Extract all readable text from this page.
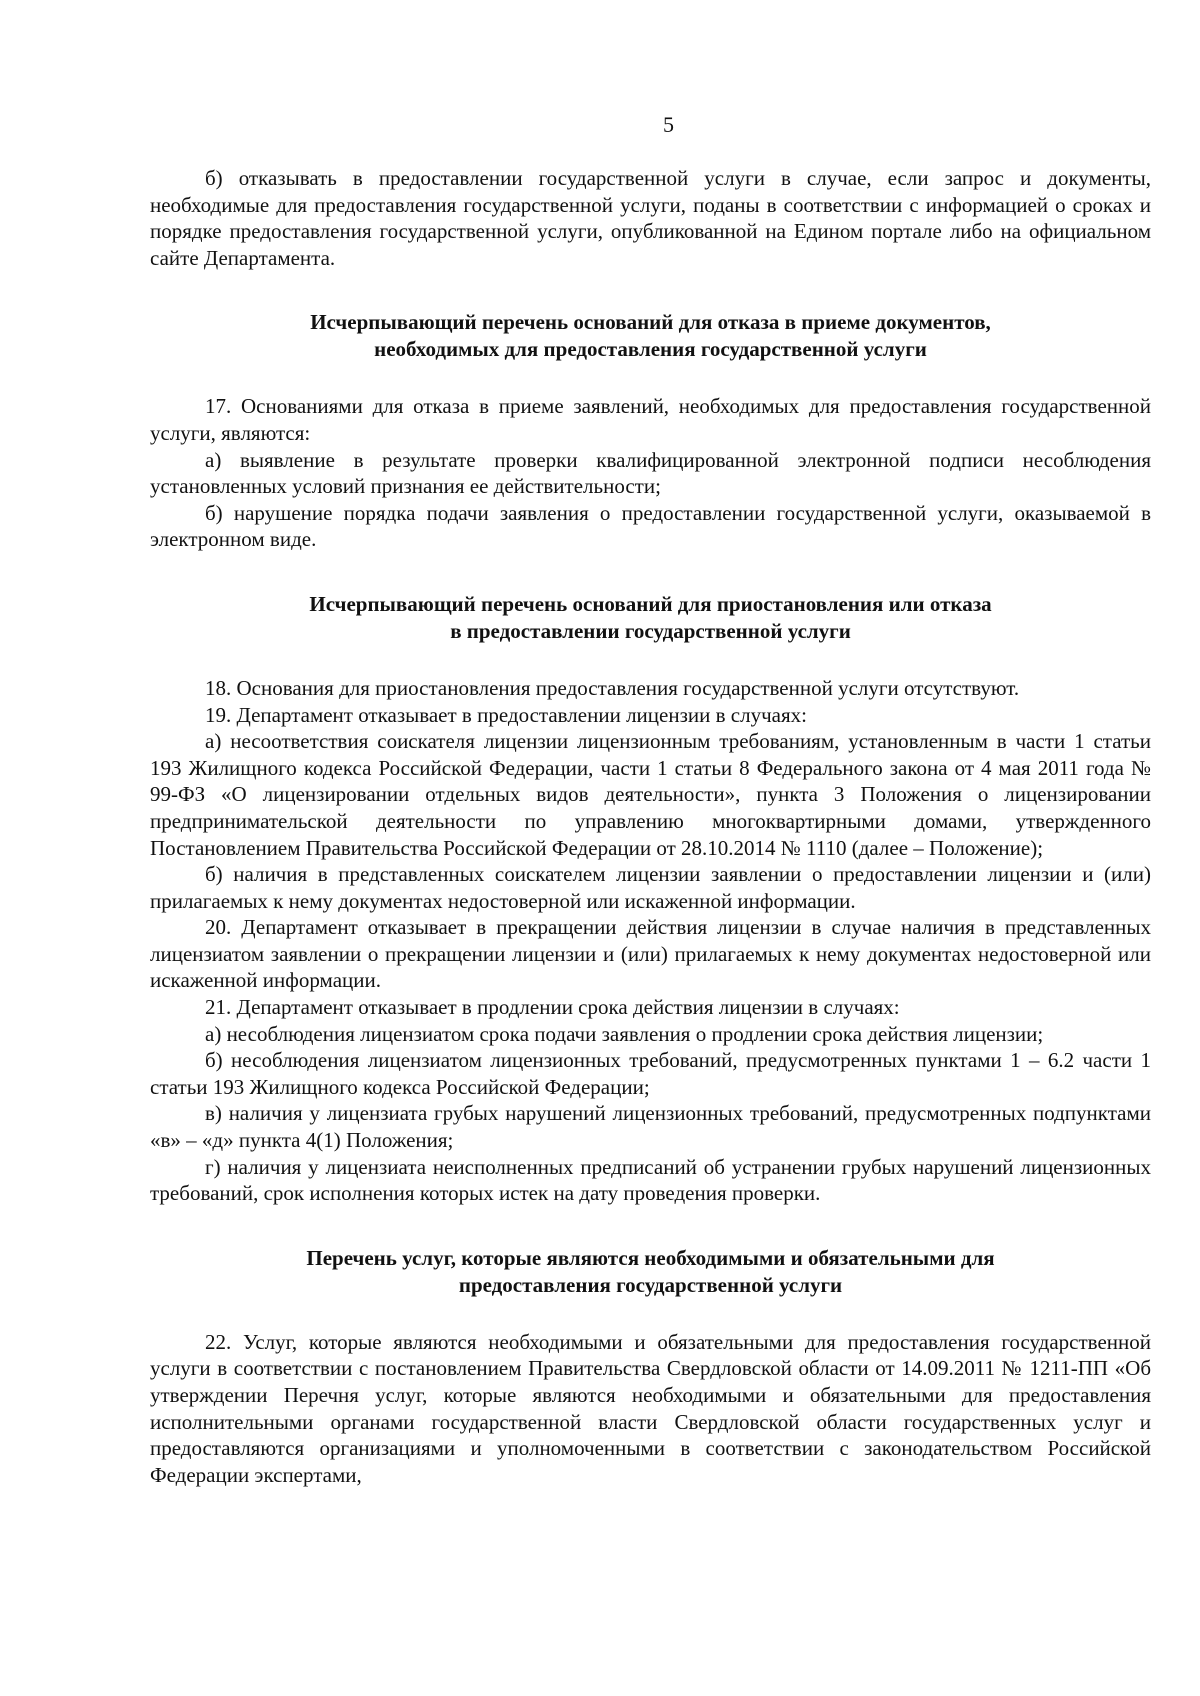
5

б) отказывать в предоставлении государственной услуги в случае, если запрос и документы, необходимые для предоставления государственной услуги, поданы в соответствии с информацией о сроках и порядке предоставления государственной услуги, опубликованной на Едином портале либо на официальном сайте Департамента.

Исчерпывающий перечень оснований для отказа в приеме документов,
необходимых для предоставления государственной услуги

17. Основаниями для отказа в приеме заявлений, необходимых для предоставления государственной услуги, являются:

а) выявление в результате проверки квалифицированной электронной подписи несоблюдения установленных условий признания ее действительности;

б) нарушение порядка подачи заявления о предоставлении государственной услуги, оказываемой в электронном виде.

Исчерпывающий перечень оснований для приостановления или отказа
в предоставлении государственной услуги

18. Основания для приостановления предоставления государственной услуги отсутствуют.

19. Департамент отказывает в предоставлении лицензии в случаях:

а) несоответствия соискателя лицензии лицензионным требованиям, установленным в части 1 статьи 193 Жилищного кодекса Российской Федерации, части 1 статьи 8 Федерального закона от 4 мая 2011 года № 99-ФЗ «О лицензировании отдельных видов деятельности», пункта 3 Положения о лицензировании предпринимательской деятельности по управлению многоквартирными домами, утвержденного Постановлением Правительства Российской Федерации от 28.10.2014 № 1110 (далее – Положение);

б) наличия в представленных соискателем лицензии заявлении о предоставлении лицензии и (или) прилагаемых к нему документах недостоверной или искаженной информации.

20. Департамент отказывает в прекращении действия лицензии в случае наличия в представленных лицензиатом заявлении о прекращении лицензии и (или) прилагаемых к нему документах недостоверной или искаженной информации.

21. Департамент отказывает в продлении срока действия лицензии в случаях:

а) несоблюдения лицензиатом срока подачи заявления о продлении срока действия лицензии;

б) несоблюдения лицензиатом лицензионных требований, предусмотренных пунктами 1 – 6.2 части 1 статьи 193 Жилищного кодекса Российской Федерации;

в) наличия у лицензиата грубых нарушений лицензионных требований, предусмотренных подпунктами «в» – «д» пункта 4(1) Положения;

г) наличия у лицензиата неисполненных предписаний об устранении грубых нарушений лицензионных требований, срок исполнения которых истек на дату проведения проверки.

Перечень услуг, которые являются необходимыми и обязательными для
предоставления государственной услуги

22. Услуг, которые являются необходимыми и обязательными для предоставления государственной услуги в соответствии с постановлением Правительства Свердловской области от 14.09.2011 № 1211-ПП «Об утверждении Перечня услуг, которые являются необходимыми и обязательными для предоставления исполнительными органами государственной власти Свердловской области государственных услуг и предоставляются организациями и уполномоченными в соответствии с законодательством Российской Федерации экспертами,
